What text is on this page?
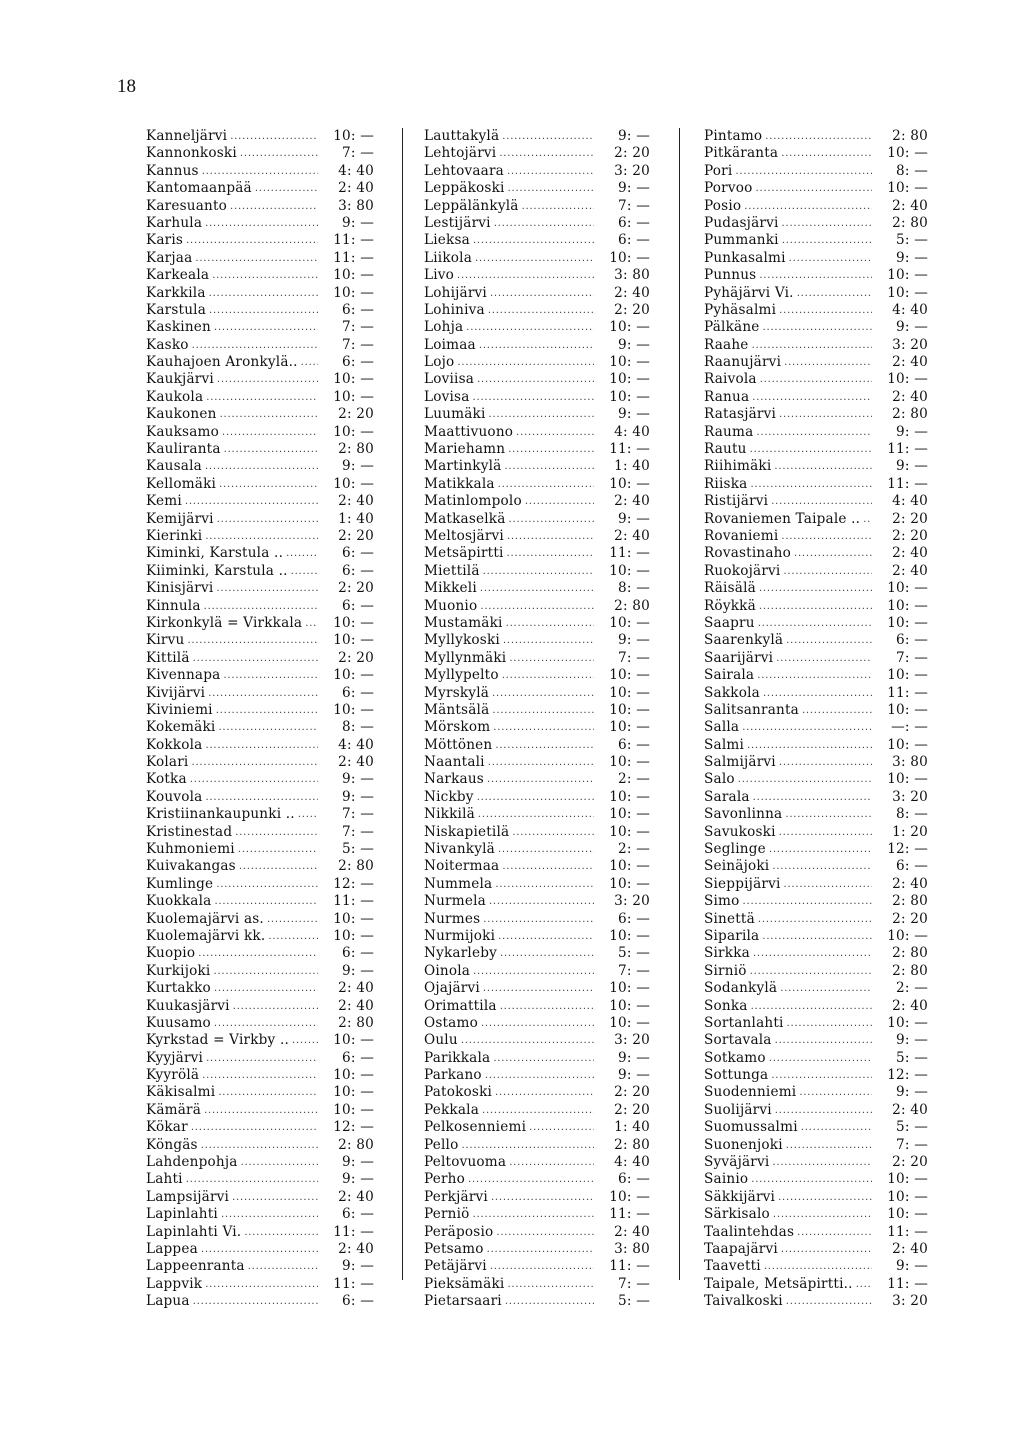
18
Kanneljärvi . . .	10: —
Kannonkoski . . .	7: —
Kannus . . .	4: 40
Kantomaanpää . . .	2: 40
Karesuanto . . .	3: 80
Karhula . . .	9: —
Karis . . .	11: —
Karjaa . . .	11: —
Karkeala . . .	10: —
Karkkila . . .	10: —
Karstula . . .	6: —
Kaskinen . . .	7: —
Kasko . . .	7: —
Kauhajoen Aronkylä.. . . .	6: —
Kaukjärvi . . .	10: —
Kaukola . . .	10: —
Kaukonen . . .	2: 20
Kauksamo . . .	10: —
Kauliranta . . .	2: 80
Kausala . . .	9: —
Kellomäki . . .	10: —
Kemi . . .	2: 40
Kemijärvi . . .	1: 40
Kierinki . . .	2: 20
Kiminki, Karstula .. . . .	6: —
Kiiminki, Karstula .. . . .	6: —
Kinisjärvi . . .	2: 20
Kinnula . . .	6: —
Kirkonkylä = Virkkala . . .	10: —
Kirvu . . .	10: —
Kittilä . . .	2: 20
Kivennapa . . .	10: —
Kivijärvi . . .	6: —
Kiviniemi . . .	10: —
Kokemäki . . .	8: —
Kokkola . . .	4: 40
Kolari . . .	2: 40
Kotka . . .	9: —
Kouvola . . .	9: —
Kristiinankaupunki .. . . .	7: —
Kristinestad . . .	7: —
Kuhmoniemi . . .	5: —
Kuivakangas . . .	2: 80
Kumlinge . . .	12: —
Kuokkala . . .	11: —
Kuolemajärvi as. . . .	10: —
Kuolemajärvi kk. . . .	10: —
Kuopio . . .	6: —
Kurkijoki . . .	9: —
Kurtakko . . .	2: 40
Kuukasjärvi . . .	2: 40
Kuusamo . . .	2: 80
Kyrkstad = Virkby .. . . .	10: —
Kyyjärvi . . .	6: —
Kyyrölä . . .	10: —
Käkisalmi . . .	10: —
Kämärä . . .	10: —
Kökar . . .	12: —
Köngäs . . .	2: 80
Lahdenpohja . . .	9: —
Lahti . . .	9: —
Lampsijärvi . . .	2: 40
Lapinlahti . . .	6: —
Lapinlahti Vi. . . .	11: —
Lappea . . .	2: 40
Lappeenranta . . .	9: —
Lappvik . . .	11: —
Lapua . . .	6: —
Lauttakylä . . .	9: —
Lehtojärvi . . .	2: 20
Lehtovaara . . .	3: 20
Leppäkoski . . .	9: —
Leppälänkylä . . .	7: —
Lestijärvi . . .	6: —
Lieksa . . .	6: —
Liikola . . .	10: —
Livo . . .	3: 80
Lohijärvi . . .	2: 40
Lohiniva . . .	2: 20
Lohja . . .	10: —
Loimaa . . .	9: —
Lojo . . .	10: —
Loviisa . . .	10: —
Lovisa . . .	10: —
Luumäki . . .	9: —
Maattivuono . . .	4: 40
Mariehamn . . .	11: —
Martinkylä . . .	1: 40
Matikkala . . .	10: —
Matinlompolo . . .	2: 40
Matkaselkä . . .	9: —
Meltosjärvi . . .	2: 40
Metsäpirtti . . .	11: —
Miettilä . . .	10: —
Mikkeli . . .	8: —
Muonio . . .	2: 80
Mustamäki . . .	10: —
Myllykoski . . .	9: —
Myllynmäki . . .	7: —
Myllypelto . . .	10: —
Myrskylä . . .	10: —
Mäntsälä . . .	10: —
Mörskom . . .	10: —
Möttönen . . .	6: —
Naantali . . .	10: —
Narkaus . . .	2: —
Nickby . . .	10: —
Nikkilä . . .	10: —
Niskapietilä . . .	10: —
Nivankylä . . .	2: —
Noitermaa . . .	10: —
Nummela . . .	10: —
Nurmela . . .	3: 20
Nurmes . . .	6: —
Nurmijoki . . .	10: —
Nykarleby . . .	5: —
Oinola . . .	7: —
Ojajärvi . . .	10: —
Orimattila . . .	10: —
Ostamo . . .	10: —
Oulu . . .	3: 20
Parikkala . . .	9: —
Parkano . . .	9: —
Patokoski . . .	2: 20
Pekkala . . .	2: 20
Pelkosenniemi . . .	1: 40
Pello . . .	2: 80
Peltovuoma . . .	4: 40
Perho . . .	6: —
Perkjärvi . . .	10: —
Perniö . . .	11: —
Peräposio . . .	2: 40
Petsamo . . .	3: 80
Petäjärvi . . .	11: —
Pieksämäki . . .	7: —
Pietarsaari . . .	5: —
Pintamo . . .	2: 80
Pitkäranta . . .	10: —
Pori . . .	8: —
Porvoo . . .	10: —
Posio . . .	2: 40
Pudasjärvi . . .	2: 80
Pummanki . . .	5: —
Punkasalmi . . .	9: —
Punnus . . .	10: —
Pyhäjärvi Vi. . . .	10: —
Pyhäsalmi . . .	4: 40
Pälkäne . . .	9: —
Raahe . . .	3: 20
Raanujärvi . . .	2: 40
Raivola . . .	10: —
Ranua . . .	2: 40
Ratasjärvi . . .	2: 80
Rauma . . .	9: —
Rautu . . .	11: —
Riihimäki . . .	9: —
Riiska . . .	11: —
Ristijärvi . . .	4: 40
Rovaniemen Taipale .. . . .	2: 20
Rovaniemi . . .	2: 20
Rovastinaho . . .	2: 40
Ruokojärvi . . .	2: 40
Räisälä . . .	10: —
Röykkä . . .	10: —
Saapru . . .	10: —
Saarenkylä . . .	6: —
Saarijärvi . . .	7: —
Sairala . . .	10: —
Sakkola . . .	11: —
Salitsanranta . . .	10: —
Salla . . .	—: —
Salmi . . .	10: —
Salmijärvi . . .	3: 80
Salo . . .	10: —
Sarala . . .	3: 20
Savonlinna . . .	8: —
Savukoski . . .	1: 20
Seglinge . . .	12: —
Seinäjoki . . .	6: —
Sieppijärvi . . .	2: 40
Simo . . .	2: 80
Sinettä . . .	2: 20
Siparila . . .	10: —
Sirkka . . .	2: 80
Sirniö . . .	2: 80
Sodankylä . . .	2: —
Sonka . . .	2: 40
Sortanlahti . . .	10: —
Sortavala . . .	9: —
Sotkamo . . .	5: —
Sottunga . . .	12: —
Suodenniemi . . .	9: —
Suolijärvi . . .	2: 40
Suomussalmi . . .	5: —
Suonenjoki . . .	7: —
Syväjärvi . . .	2: 20
Sainio . . .	10: —
Säkkijärvi . . .	10: —
Särkisalo . . .	10: —
Taalintehdas . . .	11: —
Taapajärvi . . .	2: 40
Taavetti . . .	9: —
Taipale, Metsäpirtti.. . . .	11: —
Taivalkoski . . .	3: 20
